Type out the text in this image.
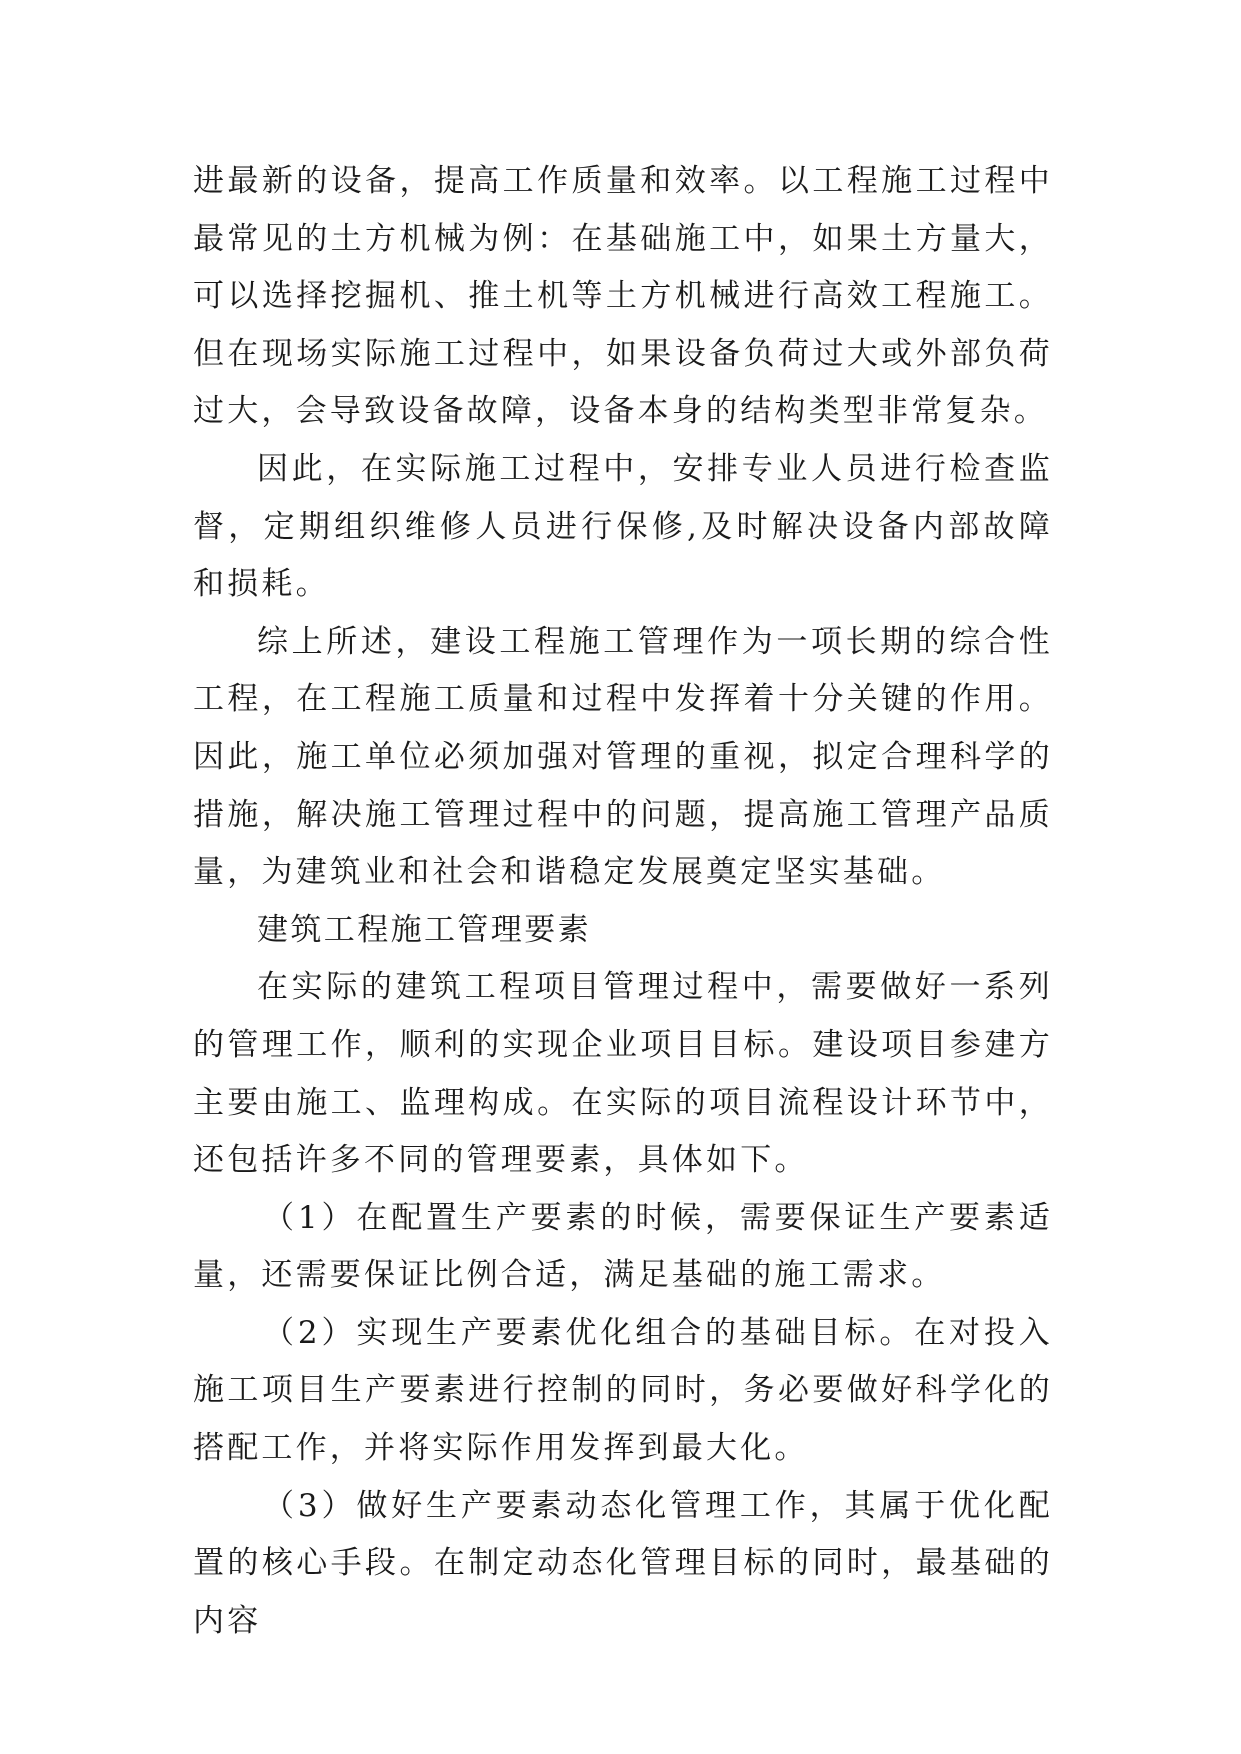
进最新的设备，提高工作质量和效率。以工程施工过程中最常见的土方机械为例：在基础施工中，如果土方量大，可以选择挖掘机、推土机等土方机械进行高效工程施工。但在现场实际施工过程中，如果设备负荷过大或外部负荷过大，会导致设备故障，设备本身的结构类型非常复杂。

因此，在实际施工过程中，安排专业人员进行检查监督，定期组织维修人员进行保修,及时解决设备内部故障和损耗。

综上所述，建设工程施工管理作为一项长期的综合性工程，在工程施工质量和过程中发挥着十分关键的作用。因此，施工单位必须加强对管理的重视，拟定合理科学的措施，解决施工管理过程中的问题，提高施工管理产品质量，为建筑业和社会和谐稳定发展奠定坚实基础。

建筑工程施工管理要素

在实际的建筑工程项目管理过程中，需要做好一系列的管理工作，顺利的实现企业项目目标。建设项目参建方主要由施工、监理构成。在实际的项目流程设计环节中，还包括许多不同的管理要素，具体如下。

（1）在配置生产要素的时候，需要保证生产要素适量，还需要保证比例合适，满足基础的施工需求。

（2）实现生产要素优化组合的基础目标。在对投入施工项目生产要素进行控制的同时，务必要做好科学化的搭配工作，并将实际作用发挥到最大化。

（3）做好生产要素动态化管理工作，其属于优化配置的核心手段。在制定动态化管理目标的同时，最基础的内容
